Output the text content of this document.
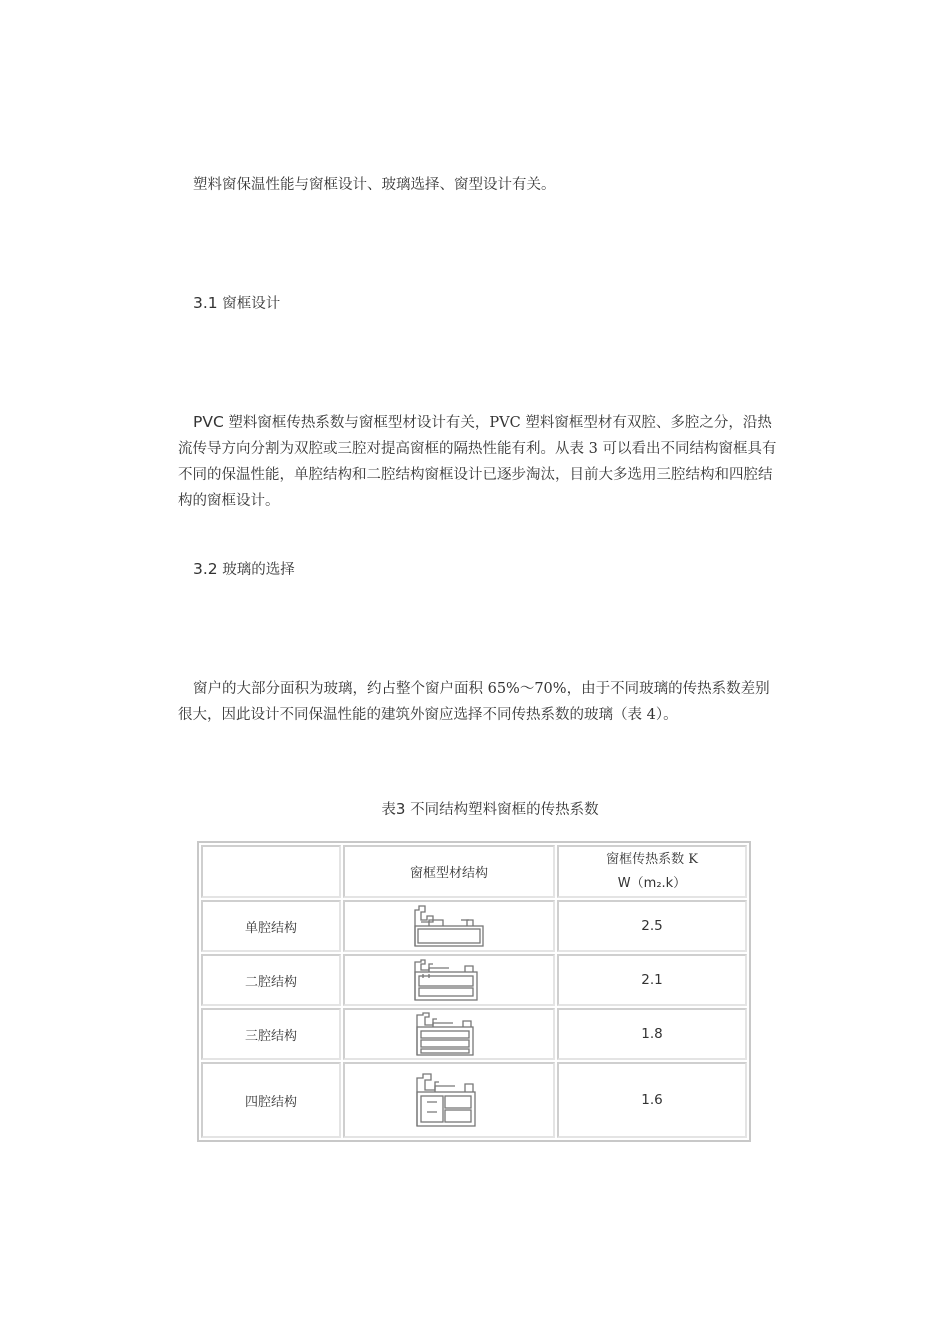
塑料窗保温性能与窗框设计、玻璃选择、窗型设计有关。

3.1 窗框设计

PVC 塑料窗框传热系数与窗框型材设计有关，PVC 塑料窗框型材有双腔、多腔之分，沿热流传导方向分割为双腔或三腔对提高窗框的隔热性能有利。从表 3 可以看出不同结构窗框具有不同的保温性能，单腔结构和二腔结构窗框设计已逐步淘汰，目前大多选用三腔结构和四腔结构的窗框设计。

3.2 玻璃的选择

窗户的大部分面积为玻璃，约占整个窗户面积 65%～70%，由于不同玻璃的传热系数差别很大，因此设计不同保温性能的建筑外窗应选择不同传热系数的玻璃（表 4）。

表3 不同结构塑料窗框的传热系数
	窗框型材结构	窗框传热系数 K
W（m₂.k）
单腔结构		2.5
二腔结构		2.1
三腔结构		1.8
四腔结构		1.6
